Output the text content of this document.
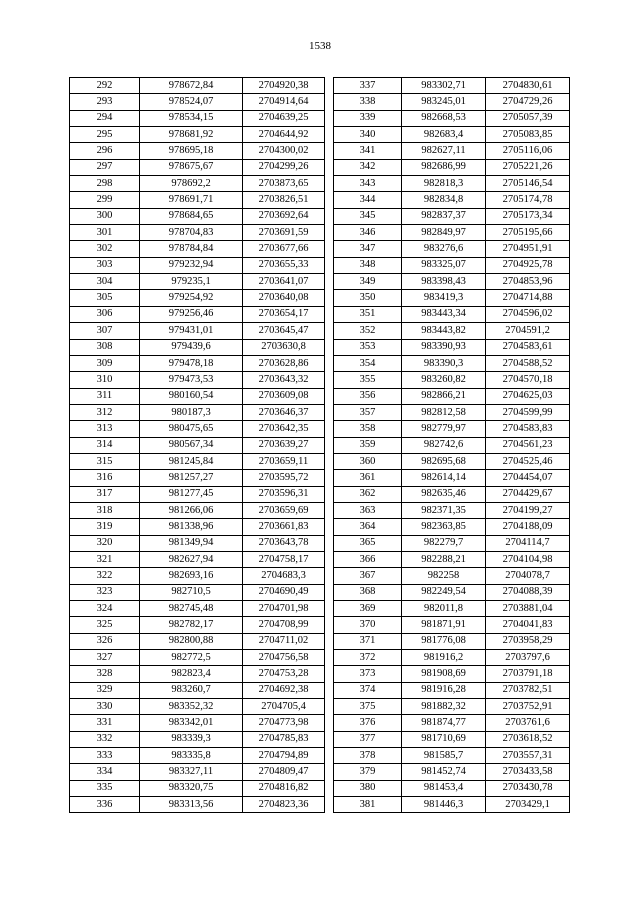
1538
292	978672,84	2704920,38
293	978524,07	2704914,64
294	978534,15	2704639,25
295	978681,92	2704644,92
296	978695,18	2704300,02
297	978675,67	2704299,26
298	978692,2	2703873,65
299	978691,71	2703826,51
300	978684,65	2703692,64
301	978704,83	2703691,59
302	978784,84	2703677,66
303	979232,94	2703655,33
304	979235,1	2703641,07
305	979254,92	2703640,08
306	979256,46	2703654,17
307	979431,01	2703645,47
308	979439,6	2703630,8
309	979478,18	2703628,86
310	979473,53	2703643,32
311	980160,54	2703609,08
312	980187,3	2703646,37
313	980475,65	2703642,35
314	980567,34	2703639,27
315	981245,84	2703659,11
316	981257,27	2703595,72
317	981277,45	2703596,31
318	981266,06	2703659,69
319	981338,96	2703661,83
320	981349,94	2703643,78
321	982627,94	2704758,17
322	982693,16	2704683,3
323	982710,5	2704690,49
324	982745,48	2704701,98
325	982782,17	2704708,99
326	982800,88	2704711,02
327	982772,5	2704756,58
328	982823,4	2704753,28
329	983260,7	2704692,38
330	983352,32	2704705,4
331	983342,01	2704773,98
332	983339,3	2704785,83
333	983335,8	2704794,89
334	983327,11	2704809,47
335	983320,75	2704816,82
336	983313,56	2704823,36
337	983302,71	2704830,61
338	983245,01	2704729,26
339	982668,53	2705057,39
340	982683,4	2705083,85
341	982627,11	2705116,06
342	982686,99	2705221,26
343	982818,3	2705146,54
344	982834,8	2705174,78
345	982837,37	2705173,34
346	982849,97	2705195,66
347	983276,6	2704951,91
348	983325,07	2704925,78
349	983398,43	2704853,96
350	983419,3	2704714,88
351	983443,34	2704596,02
352	983443,82	2704591,2
353	983390,93	2704583,61
354	983390,3	2704588,52
355	983260,82	2704570,18
356	982866,21	2704625,03
357	982812,58	2704599,99
358	982779,97	2704583,83
359	982742,6	2704561,23
360	982695,68	2704525,46
361	982614,14	2704454,07
362	982635,46	2704429,67
363	982371,35	2704199,27
364	982363,85	2704188,09
365	982279,7	2704114,7
366	982288,21	2704104,98
367	982258	2704078,7
368	982249,54	2704088,39
369	982011,8	2703881,04
370	981871,91	2704041,83
371	981776,08	2703958,29
372	981916,2	2703797,6
373	981908,69	2703791,18
374	981916,28	2703782,51
375	981882,32	2703752,91
376	981874,77	2703761,6
377	981710,69	2703618,52
378	981585,7	2703557,31
379	981452,74	2703433,58
380	981453,4	2703430,78
381	981446,3	2703429,1
